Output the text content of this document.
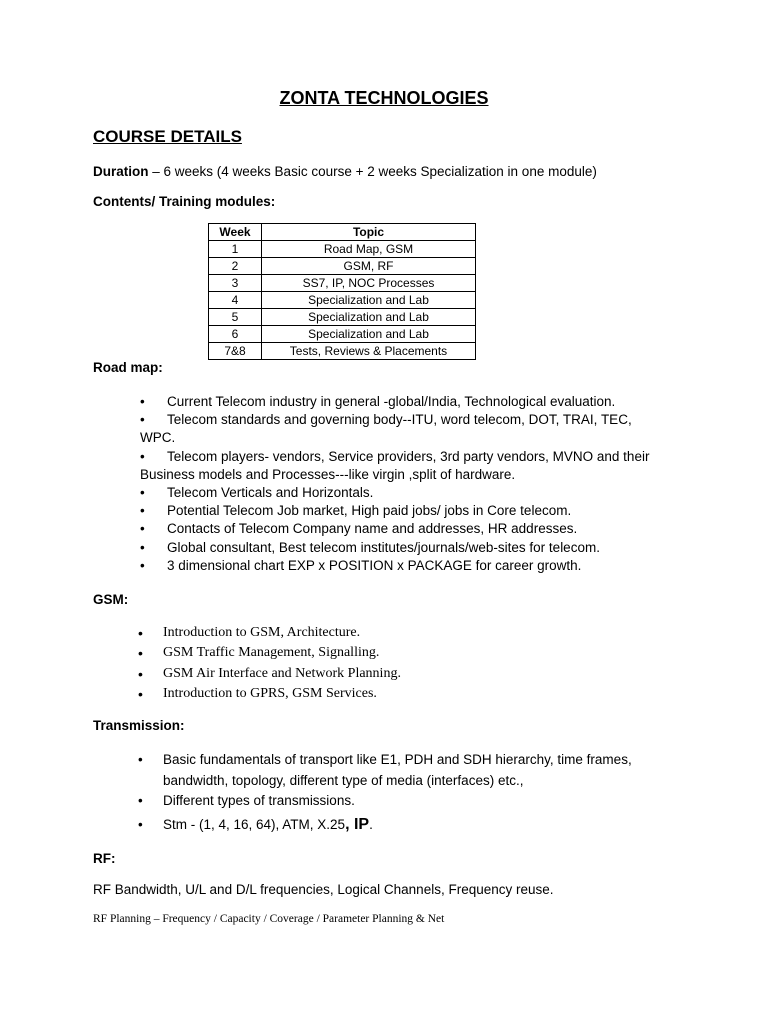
ZONTA TECHNOLOGIES
COURSE DETAILS
Duration – 6 weeks (4 weeks Basic course + 2 weeks Specialization in one module)
Contents/ Training modules:
Week	Topic
1	Road Map, GSM
2	GSM, RF
3	SS7, IP, NOC Processes
4	Specialization and Lab
5	Specialization and Lab
6	Specialization and Lab
7&8	Tests, Reviews & Placements
Road map:
•	Current Telecom industry in general -global/India, Technological evaluation.
•	Telecom standards and governing body--ITU, word telecom, DOT, TRAI, TEC, WPC.
•	Telecom players- vendors, Service providers, 3rd party vendors, MVNO and their Business models and Processes---like virgin ,split of hardware.
•	Telecom Verticals and Horizontals.
•	Potential Telecom Job market, High paid jobs/ jobs in Core telecom.
•	Contacts of Telecom Company name and addresses, HR addresses.
•	Global consultant, Best telecom institutes/journals/web-sites for telecom.
•	3 dimensional chart EXP x POSITION x PACKAGE for career growth.
GSM:
• Introduction to GSM, Architecture.
• GSM Traffic Management, Signalling.
• GSM Air Interface and Network Planning.
• Introduction to GPRS, GSM Services.
Transmission:
• Basic fundamentals of transport like E1, PDH and SDH hierarchy, time frames, bandwidth, topology, different type of media (interfaces) etc.,
• Different types of transmissions.
• Stm - (1, 4, 16, 64), ATM, X.25, IP.
RF:
RF Bandwidth, U/L and D/L frequencies, Logical Channels, Frequency reuse.
RF Planning – Frequency / Capacity / Coverage / Parameter Planning & Net
